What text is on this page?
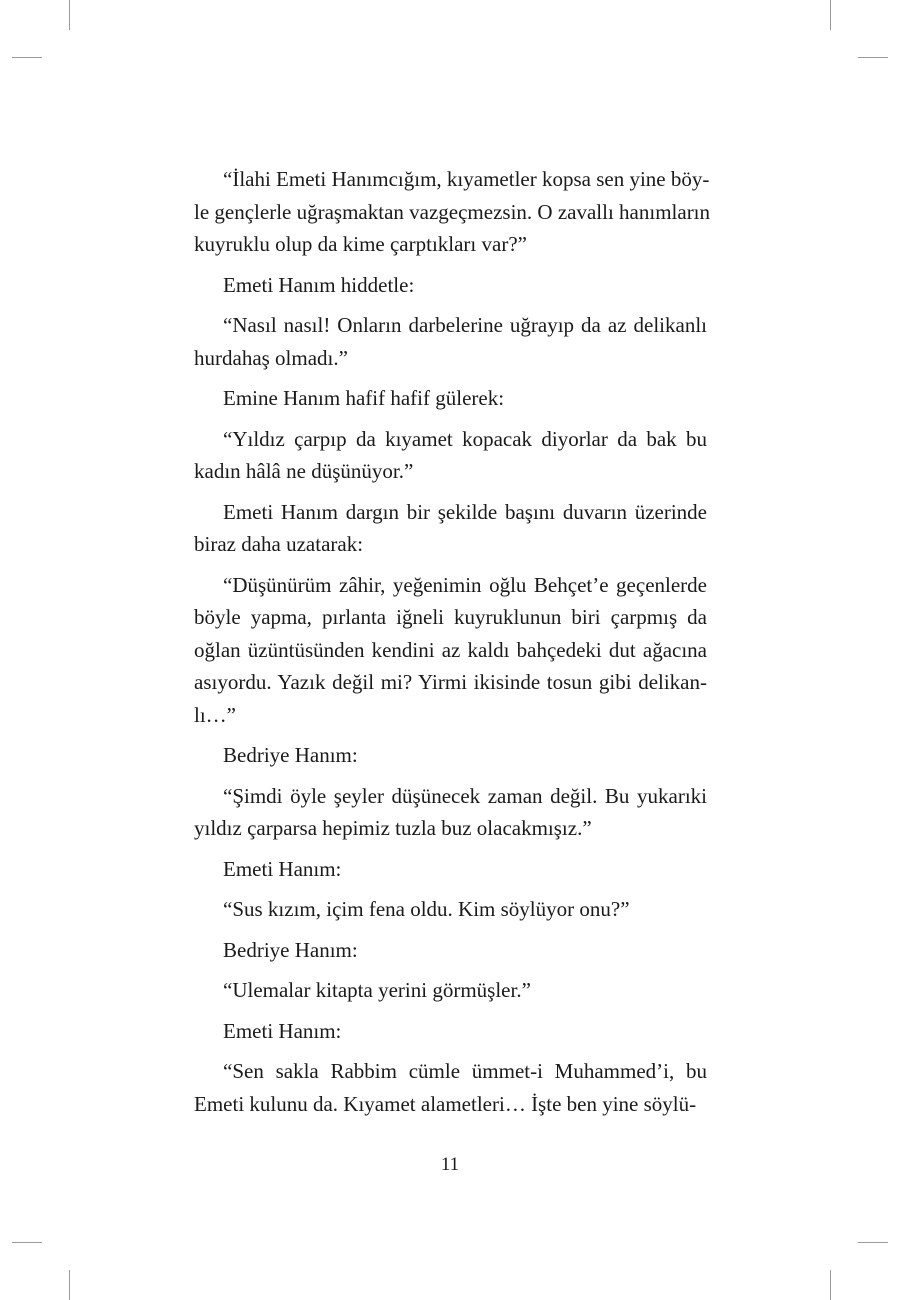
“İlahi Emeti Hanımcığım, kıyametler kopsa sen yine böy-
le gençlerle uğraşmaktan vazgeçmezsin. O zavallı hanımların
kuyruklu olup da kime çarptıkları var?”

Emeti Hanım hiddetle:

“Nasıl nasıl! Onların darbelerine uğrayıp da az delikanlı
hurdahaş olmadı.”

Emine Hanım hafif hafif gülerek:

“Yıldız çarpıp da kıyamet kopacak diyorlar da bak bu
kadın hâlâ ne düşünüyor.”

Emeti Hanım dargın bir şekilde başını duvarın üzerinde
biraz daha uzatarak:

“Düşünürüm zâhir, yeğenimin oğlu Behçet’e geçenlerde
böyle yapma, pırlanta iğneli kuyruklunun biri çarpmış da
oğlan üzüntüsünden kendini az kaldı bahçedeki dut ağacına
asıyordu. Yazık değil mi? Yirmi ikisinde tosun gibi delikan-
lı…”

Bedriye Hanım:

“Şimdi öyle şeyler düşünecek zaman değil. Bu yukarıki
yıldız çarparsa hepimiz tuzla buz olacakmışız.”

Emeti Hanım:

“Sus kızım, içim fena oldu. Kim söylüyor onu?”

Bedriye Hanım:

“Ulemalar kitapta yerini görmüşler.”

Emeti Hanım:

“Sen sakla Rabbim cümle ümmet-i Muhammed’i, bu
Emeti kulunu da. Kıyamet alametleri… İşte ben yine söylü-

11
